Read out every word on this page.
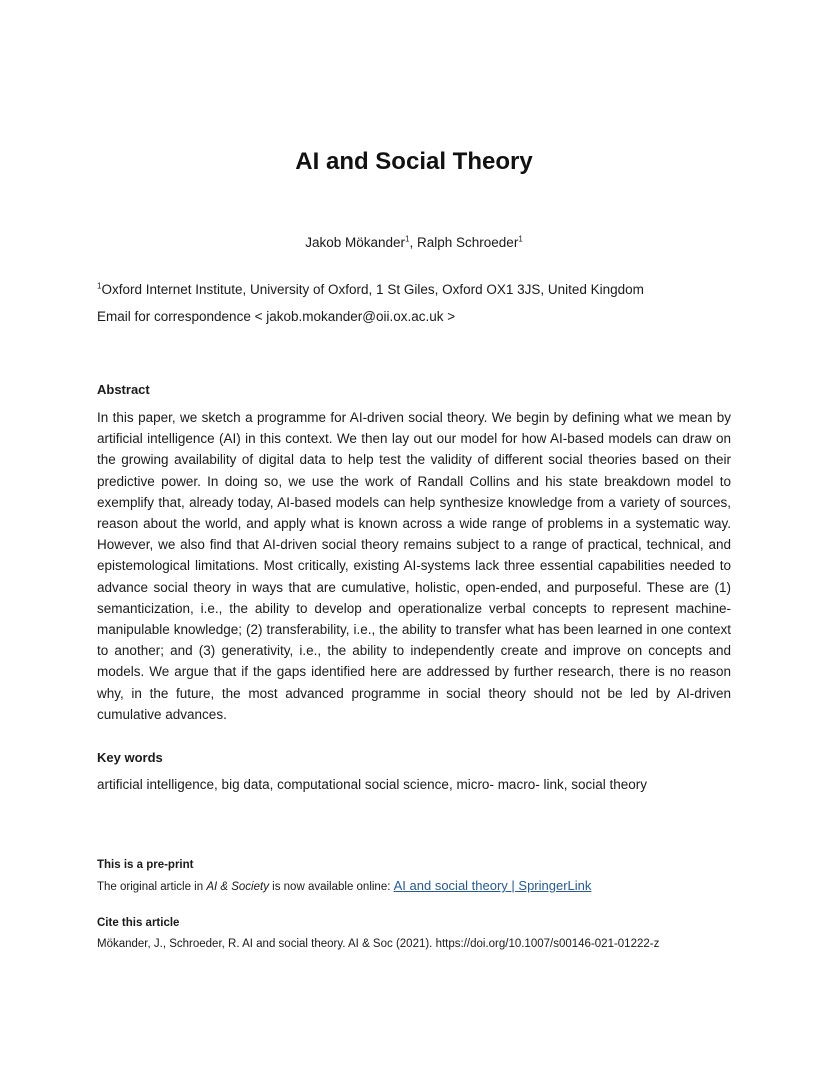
AI and Social Theory
Jakob Mökander$^1$, Ralph Schroeder$^1$
$^1$Oxford Internet Institute, University of Oxford, 1 St Giles, Oxford OX1 3JS, United Kingdom
Email for correspondence < jakob.mokander@oii.ox.ac.uk >
Abstract

In this paper, we sketch a programme for AI-driven social theory. We begin by defining what we mean by artificial intelligence (AI) in this context. We then lay out our model for how AI-based models can draw on the growing availability of digital data to help test the validity of different social theories based on their predictive power. In doing so, we use the work of Randall Collins and his state breakdown model to exemplify that, already today, AI-based models can help synthesize knowledge from a variety of sources, reason about the world, and apply what is known across a wide range of problems in a systematic way. However, we also find that AI-driven social theory remains subject to a range of practical, technical, and epistemological limitations. Most critically, existing AI-systems lack three essential capabilities needed to advance social theory in ways that are cumulative, holistic, open-ended, and purposeful. These are (1) semanticization, i.e., the ability to develop and operationalize verbal concepts to represent machine-manipulable knowledge; (2) transferability, i.e., the ability to transfer what has been learned in one context to another; and (3) generativity, i.e., the ability to independently create and improve on concepts and models. We argue that if the gaps identified here are addressed by further research, there is no reason why, in the future, the most advanced programme in social theory should not be led by AI-driven cumulative advances.

Key words
artificial intelligence, big data, computational social science, micro- macro- link, social theory
This is a pre-print
The original article in AI & Society is now available online: AI and social theory | SpringerLink
Cite this article
Mökander, J., Schroeder, R. AI and social theory. AI & Soc (2021). https://doi.org/10.1007/s00146-021-01222-z
